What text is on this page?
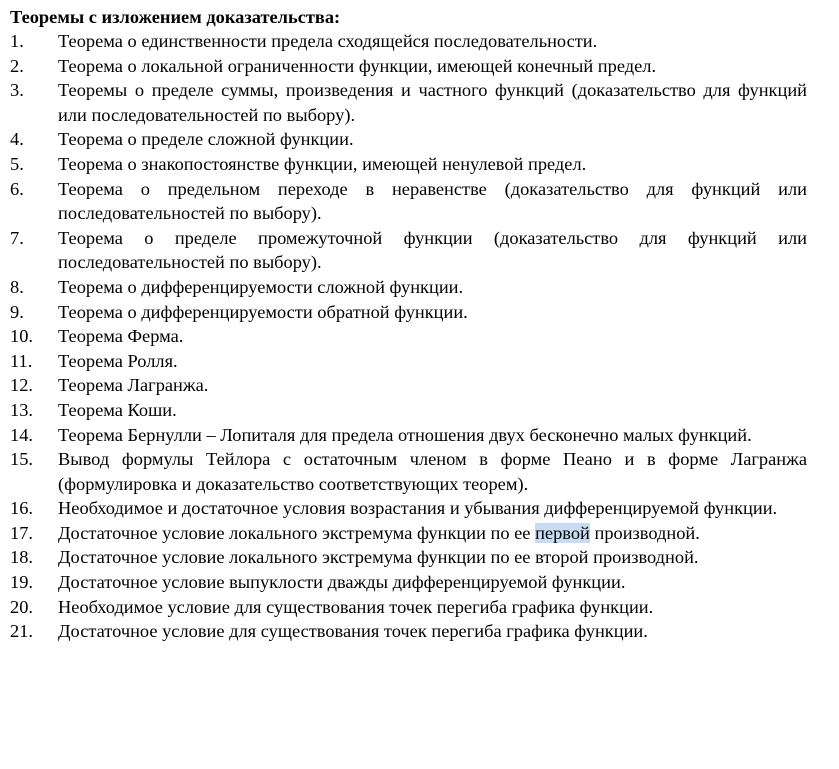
Теоремы с изложением доказательства:

1.	Теорема о единственности предела сходящейся последовательности.
2.	Теорема о локальной ограниченности функции, имеющей конечный предел.
3.	Теоремы о пределе суммы, произведения и частного функций (доказательство для функций или последовательностей по выбору).
4.	Теорема о пределе сложной функции.
5.	Теорема о знакопостоянстве функции, имеющей ненулевой предел.
6.	Теорема о предельном переходе в неравенстве (доказательство для функций или последовательностей по выбору).
7.	Теорема о пределе промежуточной функции (доказательство для функций или последовательностей по выбору).
8.	Теорема о дифференцируемости сложной функции.
9.	Теорема о дифференцируемости обратной функции.
10.	Теорема Ферма.
11.	Теорема Ролля.
12.	Теорема Лагранжа.
13.	Теорема Коши.
14.	Теорема Бернулли – Лопиталя для предела отношения двух бесконечно малых функций.
15.	Вывод формулы Тейлора с остаточным членом в форме Пеано и в форме Лагранжа (формулировка и доказательство соответствующих теорем).
16.	Необходимое и достаточное условия возрастания и убывания дифференцируемой функции.
17.	Достаточное условие локального экстремума функции по ее первой производной.
18.	Достаточное условие локального экстремума функции по ее второй производной.
19.	Достаточное условие выпуклости дважды дифференцируемой функции.
20.	Необходимое условие для существования точек перегиба графика функции.
21.	Достаточное условие для существования точек перегиба графика функции.
